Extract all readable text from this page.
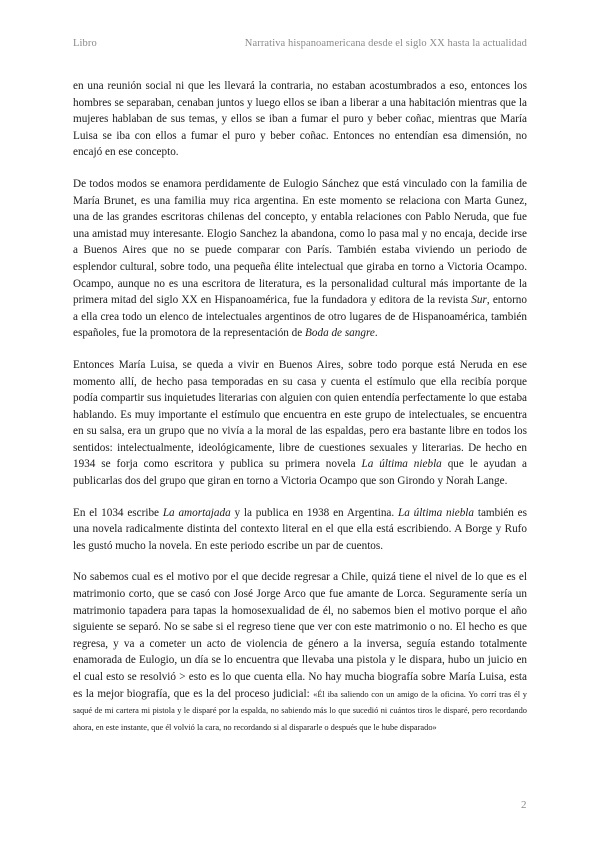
Libro	Narrativa hispanoamericana desde el siglo XX hasta la actualidad

en una reunión social ni que les llevará la contraria, no estaban acostumbrados a eso, entonces los hombres se separaban, cenaban juntos y luego ellos se iban a liberar a una habitación mientras que la mujeres hablaban de sus temas, y ellos se iban a fumar el puro y beber coñac, mientras que María Luisa se iba con ellos a fumar el puro y beber coñac. Entonces no entendían esa dimensión, no encajó en ese concepto.

De todos modos se enamora perdidamente de Eulogio Sánchez que está vinculado con la familia de María Brunet, es una familia muy rica argentina. En este momento se relaciona con Marta Gunez, una de las grandes escritoras chilenas del concepto, y entabla relaciones con Pablo Neruda, que fue una amistad muy interesante. Elogio Sanchez la abandona, como lo pasa mal y no encaja, decide irse a Buenos Aires que no se puede comparar con París. También estaba viviendo un periodo de esplendor cultural, sobre todo, una pequeña élite intelectual que giraba en torno a Victoria Ocampo. Ocampo, aunque no es una escritora de literatura, es la personalidad cultural más importante de la primera mitad del siglo XX en Hispanoamérica, fue la fundadora y editora de la revista Sur, entorno a ella crea todo un elenco de intelectuales argentinos de otro lugares de de Hispanoamérica, también españoles, fue la promotora de la representación de Boda de sangre.

Entonces María Luisa, se queda a vivir en Buenos Aires, sobre todo porque está Neruda en ese momento allí, de hecho pasa temporadas en su casa y cuenta el estímulo que ella recibía porque podía compartir sus inquietudes literarias con alguien con quien entendía perfectamente lo que estaba hablando. Es muy importante el estímulo que encuentra en este grupo de intelectuales, se encuentra en su salsa, era un grupo que no vivía a la moral de las espaldas, pero era bastante libre en todos los sentidos: intelectualmente, ideológicamente, libre de cuestiones sexuales y literarias. De hecho en 1934 se forja como escritora y publica su primera novela La última niebla que le ayudan a publicarlas dos del grupo que giran en torno a Victoria Ocampo que son Girondo y Norah Lange.

En el 1034 escribe La amortajada y la publica en 1938 en Argentina. La última niebla también es una novela radicalmente distinta del contexto literal en el que ella está escribiendo. A Borge y Rufo les gustó mucho la novela. En este periodo escribe un par de cuentos.

No sabemos cual es el motivo por el que decide regresar a Chile, quizá tiene el nivel de lo que es el matrimonio corto, que se casó con José Jorge Arco que fue amante de Lorca. Seguramente sería un matrimonio tapadera para tapas la homosexualidad de él, no sabemos bien el motivo porque el año siguiente se separó. No se sabe si el regreso tiene que ver con este matrimonio o no. El hecho es que regresa, y va a cometer un acto de violencia de género a la inversa, seguía estando totalmente enamorada de Eulogio, un día se lo encuentra que llevaba una pistola y le dispara, hubo un juicio en el cual esto se resolvió > esto es lo que cuenta ella. No hay mucha biografía sobre María Luisa, esta es la mejor biografía, que es la del proceso judicial: «Él iba saliendo con un amigo de la oficina. Yo corrí tras él y saqué de mi cartera mi pistola y le disparé por la espalda, no sabiendo más lo que sucedió ni cuántos tiros le disparé, pero recordando ahora, en este instante, que él volvió la cara, no recordando si al dispararle o después que le hube disparado»

2
